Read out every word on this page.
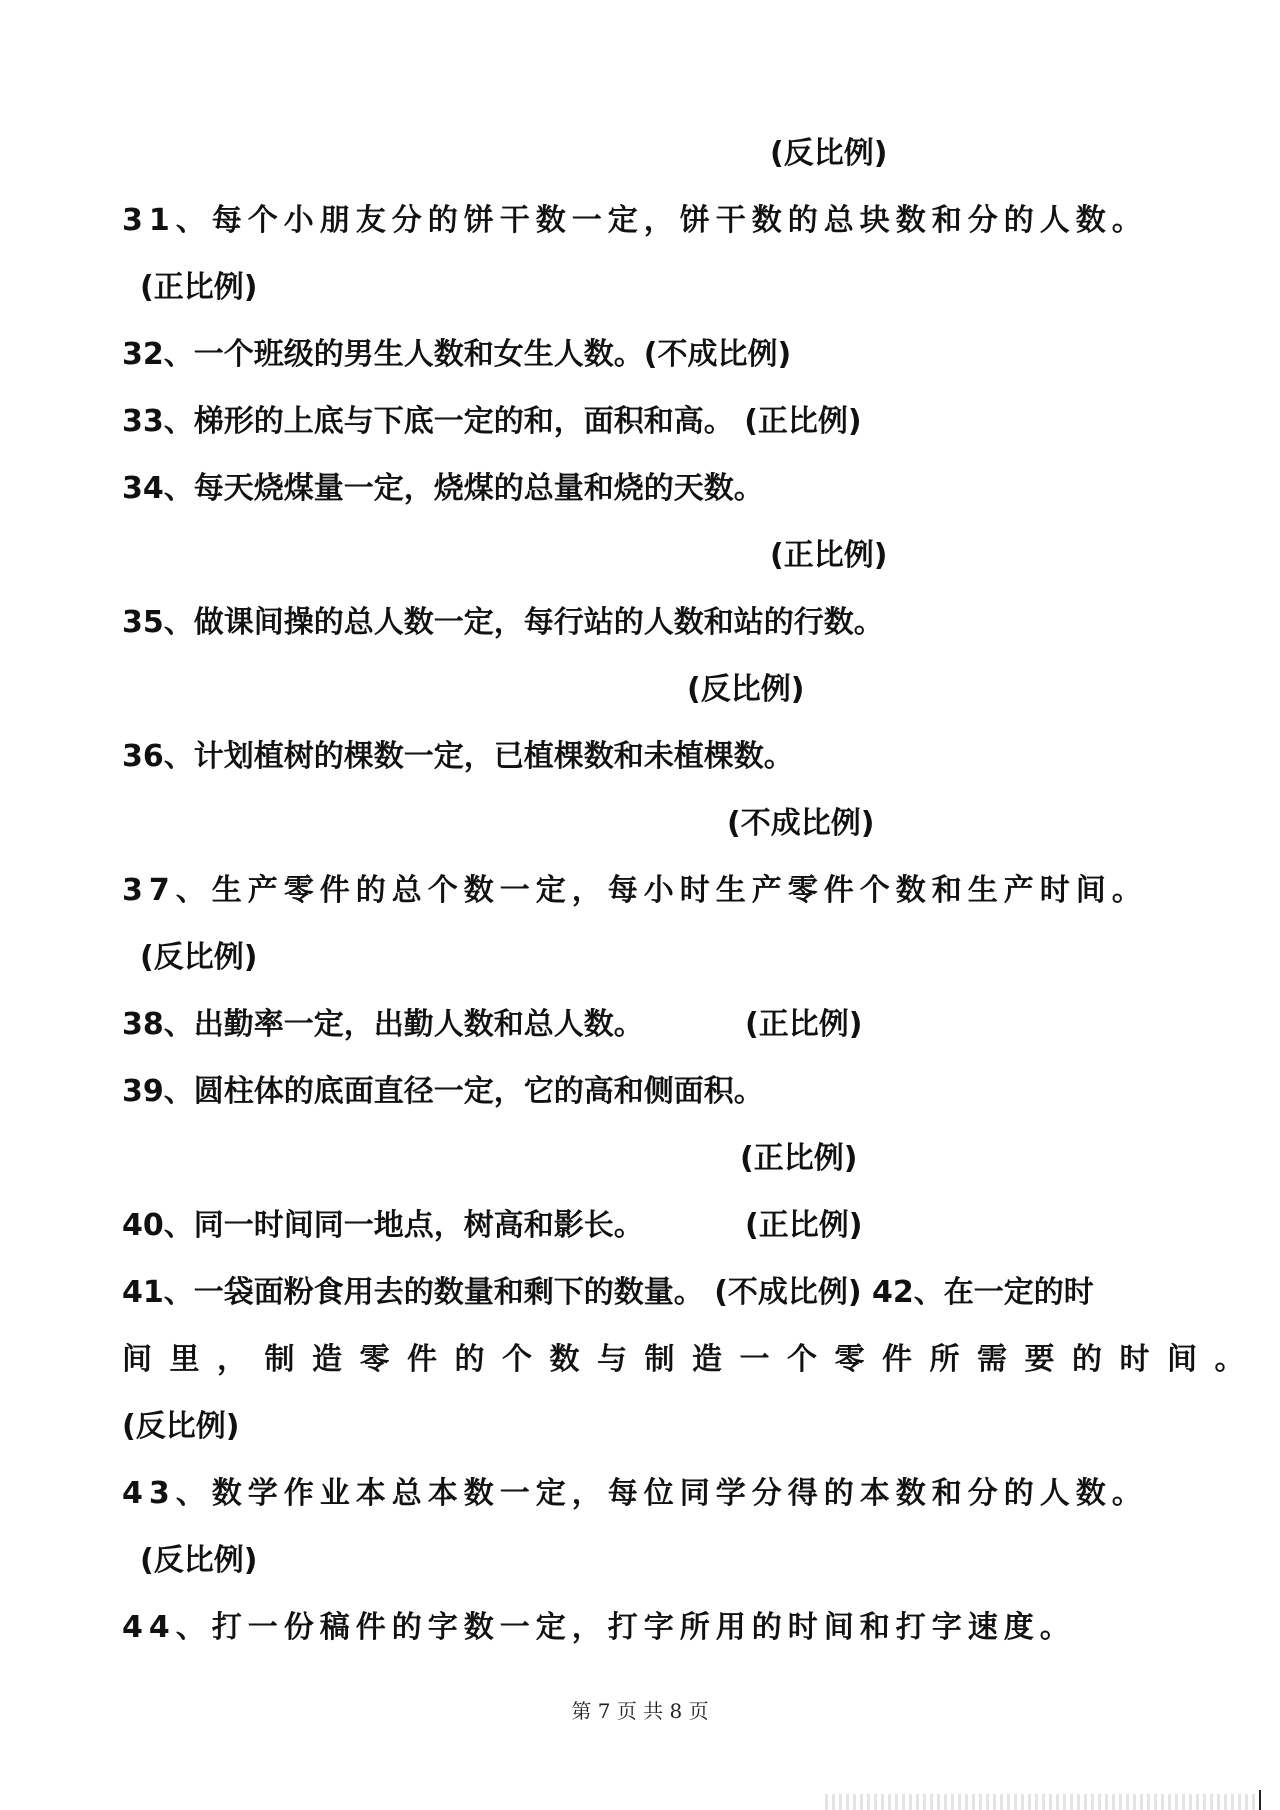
(反比例)
31、每个小朋友分的饼干数一定，饼干数的总块数和分的人数。
(正比例)
32、一个班级的男生人数和女生人数。(不成比例)
33、梯形的上底与下底一定的和，面积和高。 (正比例)
34、每天烧煤量一定，烧煤的总量和烧的天数。
(正比例)
35、做课间操的总人数一定，每行站的人数和站的行数。
(反比例)
36、计划植树的棵数一定，已植棵数和未植棵数。
(不成比例)
37、生产零件的总个数一定，每小时生产零件个数和生产时间。
(反比例)
38、出勤率一定，出勤人数和总人数。	(正比例)
39、圆柱体的底面直径一定，它的高和侧面积。
(正比例)
40、同一时间同一地点，树高和影长。	(正比例)
41、一袋面粉食用去的数量和剩下的数量。 (不成比例) 42、在一定的时
间里，制造零件的个数与制造一个零件所需要的时间。
(反比例)
43、数学作业本总本数一定，每位同学分得的本数和分的人数。
(反比例)
44、打一份稿件的字数一定，打字所用的时间和打字速度。
第 7 页 共 8 页
